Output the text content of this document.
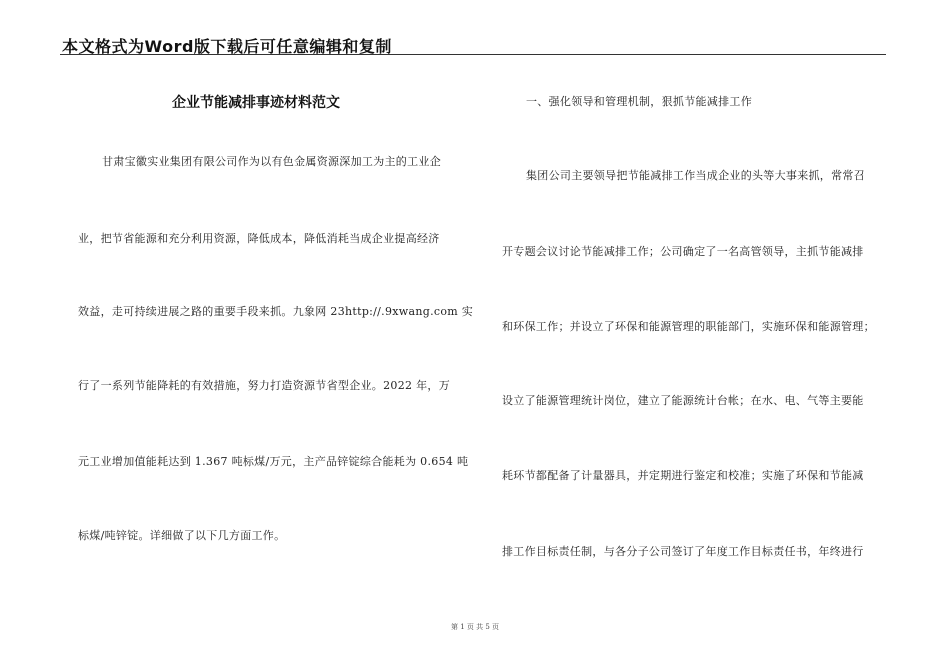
本文格式为Word版下载后可任意编辑和复制
企业节能减排事迹材料范文
甘肃宝徽实业集团有限公司作为以有色金属资源深加工为主的工业企
业，把节省能源和充分利用资源，降低成本，降低消耗当成企业提高经济
效益，走可持续进展之路的重要手段来抓。九象网 23http://.9xwang.com 实
行了一系列节能降耗的有效措施，努力打造资源节省型企业。2022 年，万
元工业增加值能耗达到 1.367 吨标煤/万元，主产品锌锭综合能耗为 0.654 吨
标煤/吨锌锭。详细做了以下几方面工作。
一、强化领导和管理机制，狠抓节能减排工作
集团公司主要领导把节能减排工作当成企业的头等大事来抓，常常召
开专题会议讨论节能减排工作；公司确定了一名高管领导，主抓节能减排
和环保工作；并设立了环保和能源管理的职能部门，实施环保和能源管理；
设立了能源管理统计岗位，建立了能源统计台帐；在水、电、气等主要能
耗环节都配备了计量器具，并定期进行鉴定和校准；实施了环保和节能减
排工作目标责任制，与各分子公司签订了年度工作目标责任书，年终进行
第 1 页 共 5 页
